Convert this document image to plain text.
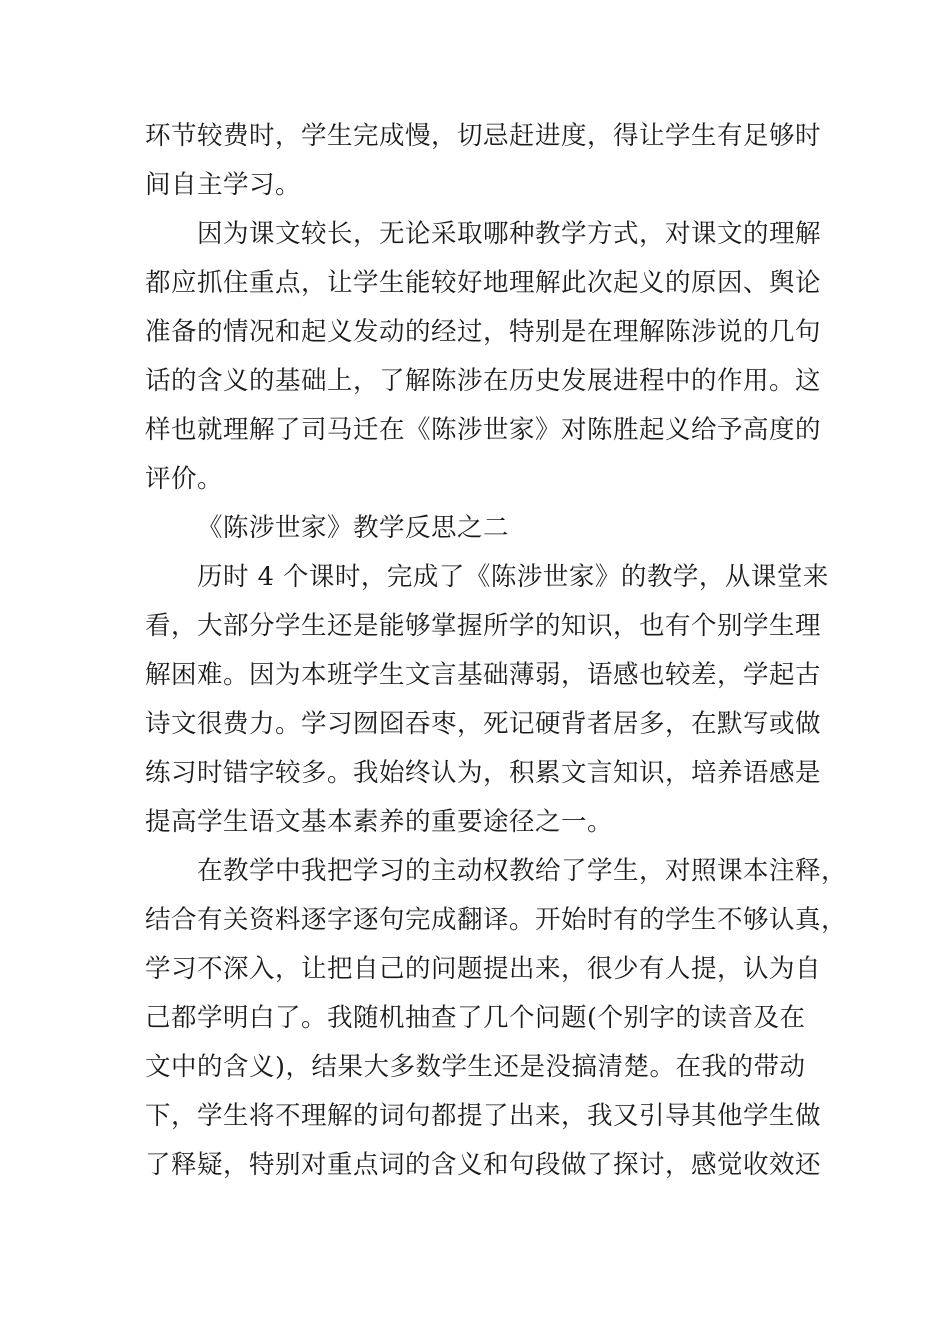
环节较费时，学生完成慢，切忌赶进度，得让学生有足够时
间自主学习。
因为课文较长，无论采取哪种教学方式，对课文的理解
都应抓住重点，让学生能较好地理解此次起义的原因、舆论
准备的情况和起义发动的经过，特别是在理解陈涉说的几句
话的含义的基础上，了解陈涉在历史发展进程中的作用。这
样也就理解了司马迁在《陈涉世家》对陈胜起义给予高度的
评价。
《陈涉世家》教学反思之二
历时 4 个课时，完成了《陈涉世家》的教学，从课堂来
看，大部分学生还是能够掌握所学的知识，也有个别学生理
解困难。因为本班学生文言基础薄弱，语感也较差，学起古
诗文很费力。学习囫囵吞枣，死记硬背者居多，在默写或做
练习时错字较多。我始终认为，积累文言知识，培养语感是
提高学生语文基本素养的重要途径之一。
在教学中我把学习的主动权教给了学生，对照课本注释，
结合有关资料逐字逐句完成翻译。开始时有的学生不够认真，
学习不深入，让把自己的问题提出来，很少有人提，认为自
己都学明白了。我随机抽查了几个问题(个别字的读音及在
文中的含义)，结果大多数学生还是没搞清楚。在我的带动
下，学生将不理解的词句都提了出来，我又引导其他学生做
了释疑，特别对重点词的含义和句段做了探讨，感觉收效还
